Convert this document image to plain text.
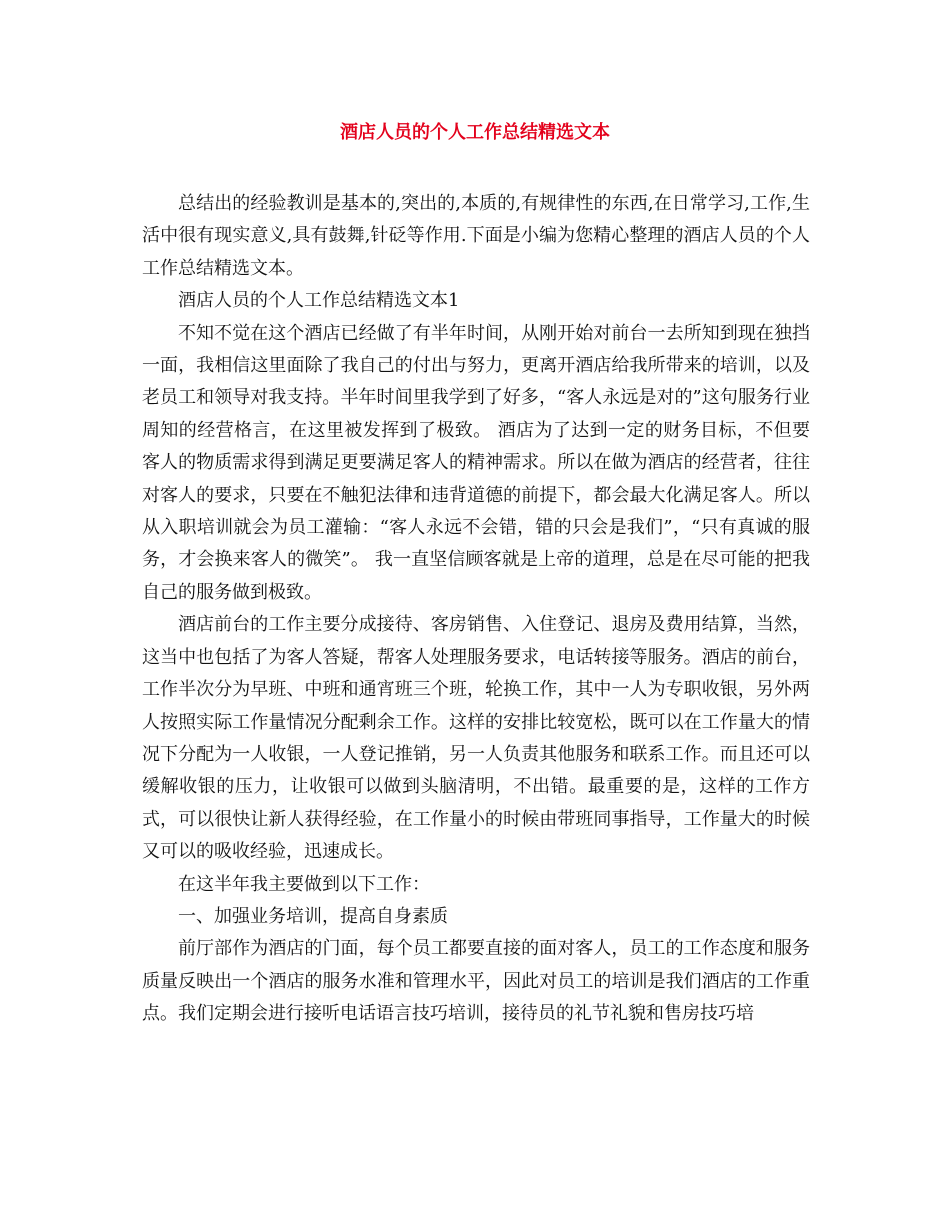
酒店人员的个人工作总结精选文本

总结出的经验教训是基本的,突出的,本质的,有规律性的东西,在日常学习,工作,生活中很有现实意义,具有鼓舞,针砭等作用.下面是小编为您精心整理的酒店人员的个人工作总结精选文本。

酒店人员的个人工作总结精选文本1

不知不觉在这个酒店已经做了有半年时间，从刚开始对前台一去所知到现在独挡一面，我相信这里面除了我自己的付出与努力，更离开酒店给我所带来的培训，以及老员工和领导对我支持。半年时间里我学到了好多，“客人永远是对的”这句服务行业周知的经营格言，在这里被发挥到了极致。 酒店为了达到一定的财务目标，不但要客人的物质需求得到满足更要满足客人的精神需求。所以在做为酒店的经营者，往往对客人的要求，只要在不触犯法律和违背道德的前提下，都会最大化满足客人。所以从入职培训就会为员工灌输：“客人永远不会错，错的只会是我们”，“只有真诚的服务，才会换来客人的微笑”。 我一直坚信顾客就是上帝的道理，总是在尽可能的把我自己的服务做到极致。

酒店前台的工作主要分成接待、客房销售、入住登记、退房及费用结算，当然，这当中也包括了为客人答疑，帮客人处理服务要求，电话转接等服务。酒店的前台，工作半次分为早班、中班和通宵班三个班，轮换工作，其中一人为专职收银，另外两人按照实际工作量情况分配剩余工作。这样的安排比较宽松，既可以在工作量大的情况下分配为一人收银，一人登记推销，另一人负责其他服务和联系工作。而且还可以缓解收银的压力，让收银可以做到头脑清明，不出错。最重要的是，这样的工作方式，可以很快让新人获得经验，在工作量小的时候由带班同事指导，工作量大的时候又可以的吸收经验，迅速成长。

在这半年我主要做到以下工作：

一、加强业务培训，提高自身素质

前厅部作为酒店的门面，每个员工都要直接的面对客人，员工的工作态度和服务质量反映出一个酒店的服务水准和管理水平，因此对员工的培训是我们酒店的工作重点。我们定期会进行接听电话语言技巧培训，接待员的礼节礼貌和售房技巧培
